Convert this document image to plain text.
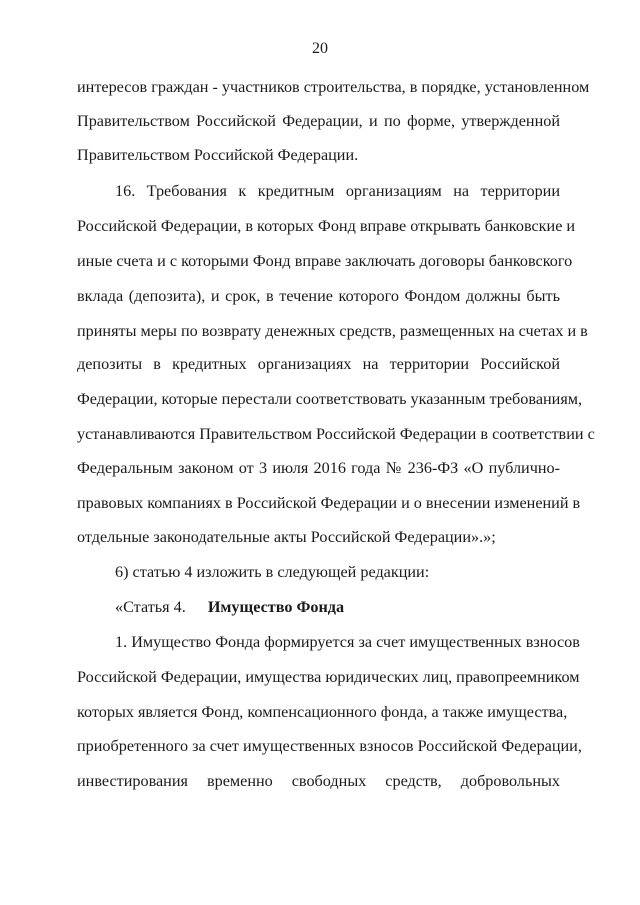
20
интересов граждан - участников строительства, в порядке, установленном
Правительством Российской Федерации, и по форме, утвержденной
Правительством Российской Федерации.
16. Требования к кредитным организациям на территории
Российской Федерации, в которых Фонд вправе открывать банковские и
иные счета и с которыми Фонд вправе заключать договоры банковского
вклада (депозита), и срок, в течение которого Фондом должны быть
приняты меры по возврату денежных средств, размещенных на счетах и в
депозиты в кредитных организациях на территории Российской
Федерации, которые перестали соответствовать указанным требованиям,
устанавливаются Правительством Российской Федерации в соответствии с
Федеральным законом от 3 июля 2016 года № 236-ФЗ «О публично-
правовых компаниях в Российской Федерации и о внесении изменений в
отдельные законодательные акты Российской Федерации».»;
6) статью 4 изложить в следующей редакции:
«Статья 4. Имущество Фонда
1. Имущество Фонда формируется за счет имущественных взносов
Российской Федерации, имущества юридических лиц, правопреемником
которых является Фонд, компенсационного фонда, а также имущества,
приобретенного за счет имущественных взносов Российской Федерации,
инвестирования временно свободных средств, добровольных
